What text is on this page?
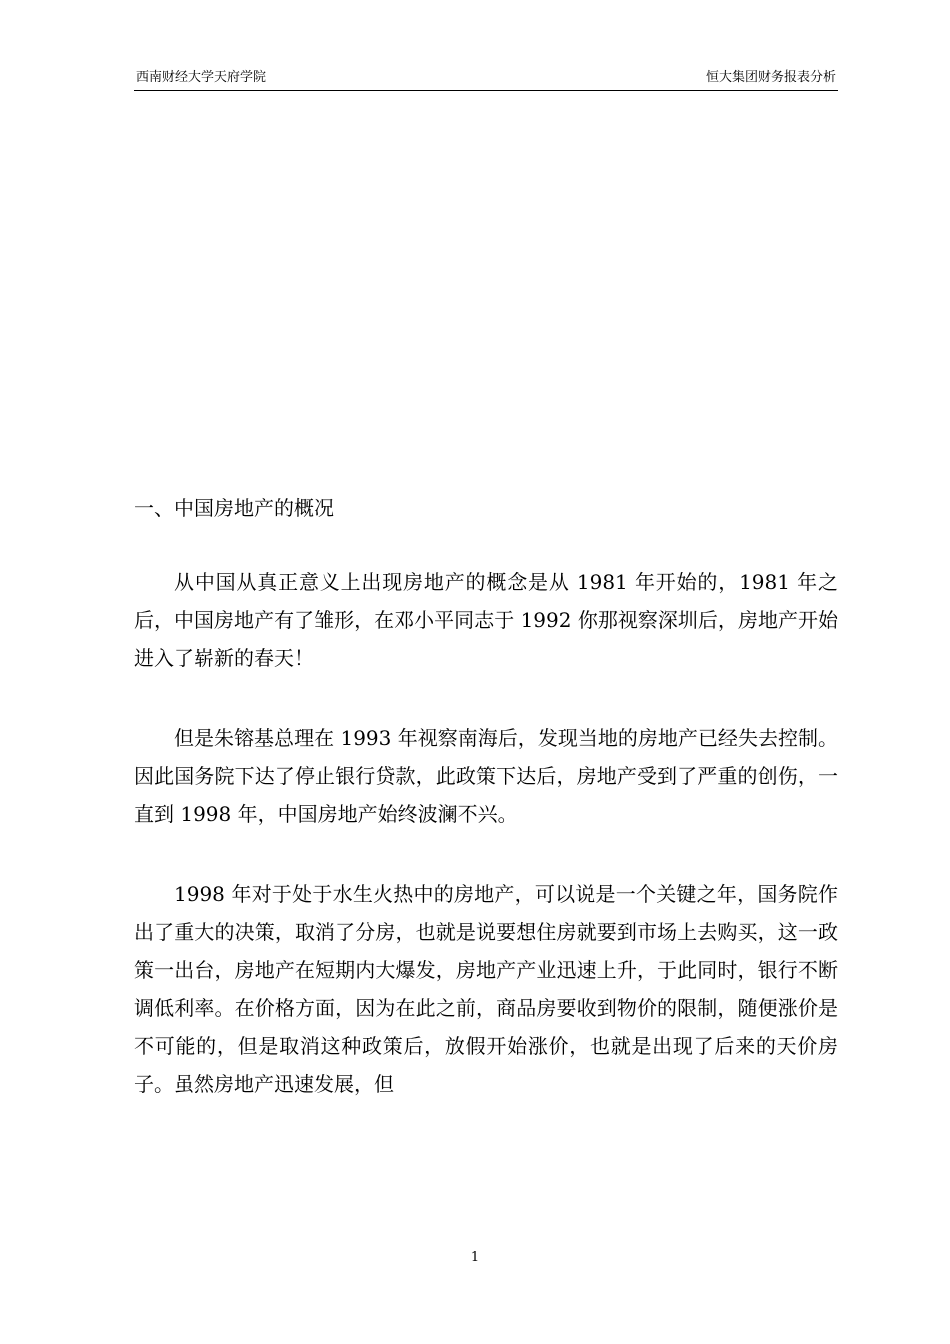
西南财经大学天府学院	恒大集团财务报表分析
一、中国房地产的概况

从中国从真正意义上出现房地产的概念是从 1981 年开始的，1981 年之后，中国房地产有了雏形，在邓小平同志于 1992 你那视察深圳后，房地产开始进入了崭新的春天！

但是朱镕基总理在 1993 年视察南海后，发现当地的房地产已经失去控制。因此国务院下达了停止银行贷款，此政策下达后，房地产受到了严重的创伤，一直到 1998 年，中国房地产始终波澜不兴。

1998 年对于处于水生火热中的房地产，可以说是一个关键之年，国务院作出了重大的决策，取消了分房，也就是说要想住房就要到市场上去购买，这一政策一出台，房地产在短期内大爆发，房地产产业迅速上升，于此同时，银行不断调低利率。在价格方面，因为在此之前，商品房要收到物价的限制，随便涨价是不可能的，但是取消这种政策后，放假开始涨价，也就是出现了后来的天价房子。虽然房地产迅速发展，但

1
